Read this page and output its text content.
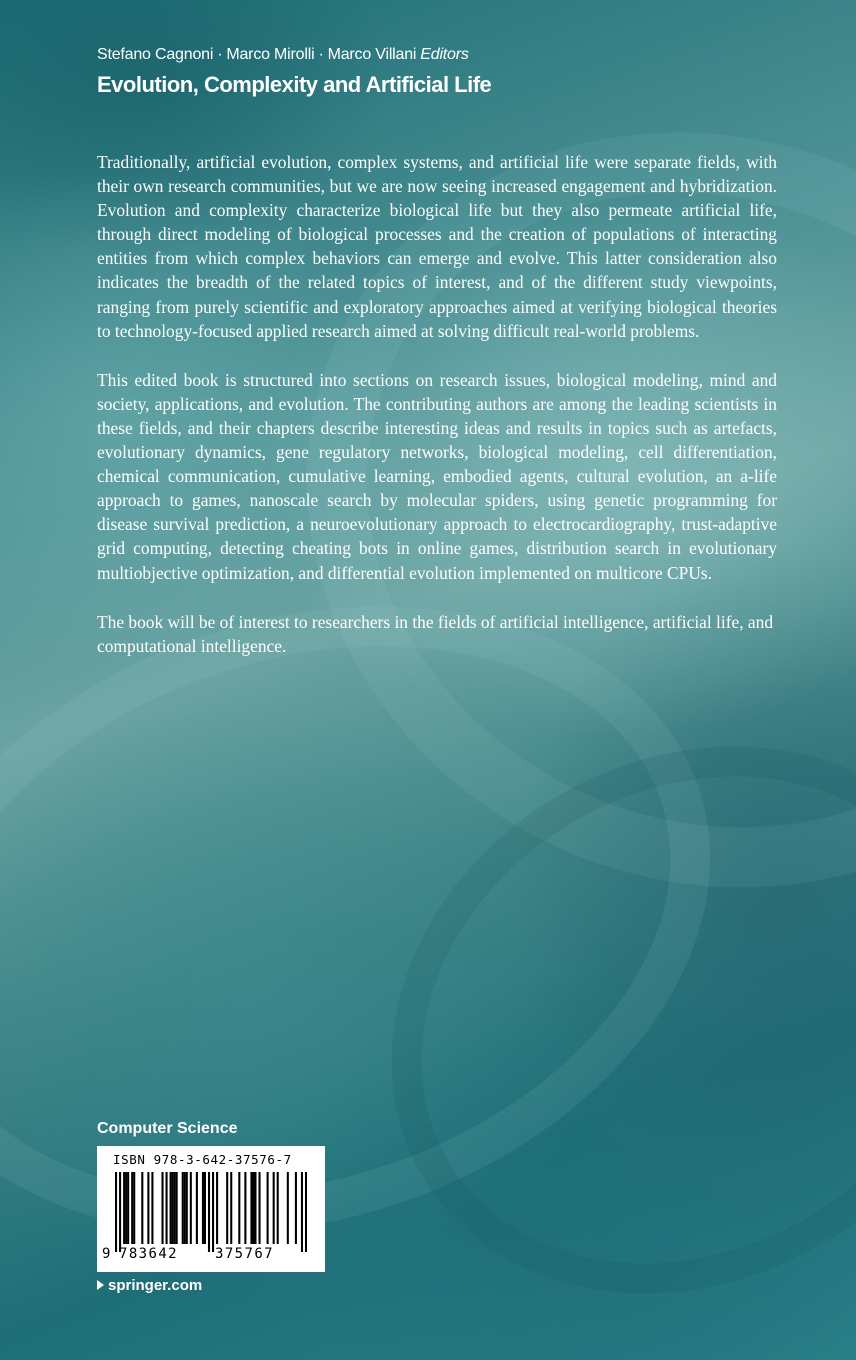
Stefano Cagnoni · Marco Mirolli · Marco Villani Editors
Evolution, Complexity and Artificial Life

Traditionally, artificial evolution, complex systems, and artificial life were separate fields, with their own research communities, but we are now seeing increased engagement and hybridization. Evolution and complexity characterize biological life but they also permeate artificial life, through direct modeling of biological processes and the creation of populations of interacting entities from which complex behaviors can emerge and evolve. This latter consideration also indicates the breadth of the related topics of interest, and of the different study viewpoints, ranging from purely scientific and exploratory approaches aimed at verifying biological theories to technology-focused applied research aimed at solving difficult real-world problems.

This edited book is structured into sections on research issues, biological modeling, mind and society, applications, and evolution. The contributing authors are among the leading scientists in these fields, and their chapters describe interesting ideas and results in topics such as artefacts, evolutionary dynamics, gene regulatory networks, biological modeling, cell differentiation, chemical communication, cumulative learning, embodied agents, cultural evolution, an a-life approach to games, nanoscale search by molecular spiders, using genetic programming for disease survival prediction, a neuroevolutionary approach to electrocardiography, trust-adaptive grid computing, detecting cheating bots in online games, distribution search in evolutionary multiobjective optimization, and differential evolution implemented on multicore CPUs.

The book will be of interest to researchers in the fields of artificial intelligence, artificial life, and computational intelligence.

Computer Science
ISBN 978-3-642-37576-7
9 783642	375767
springer.com
